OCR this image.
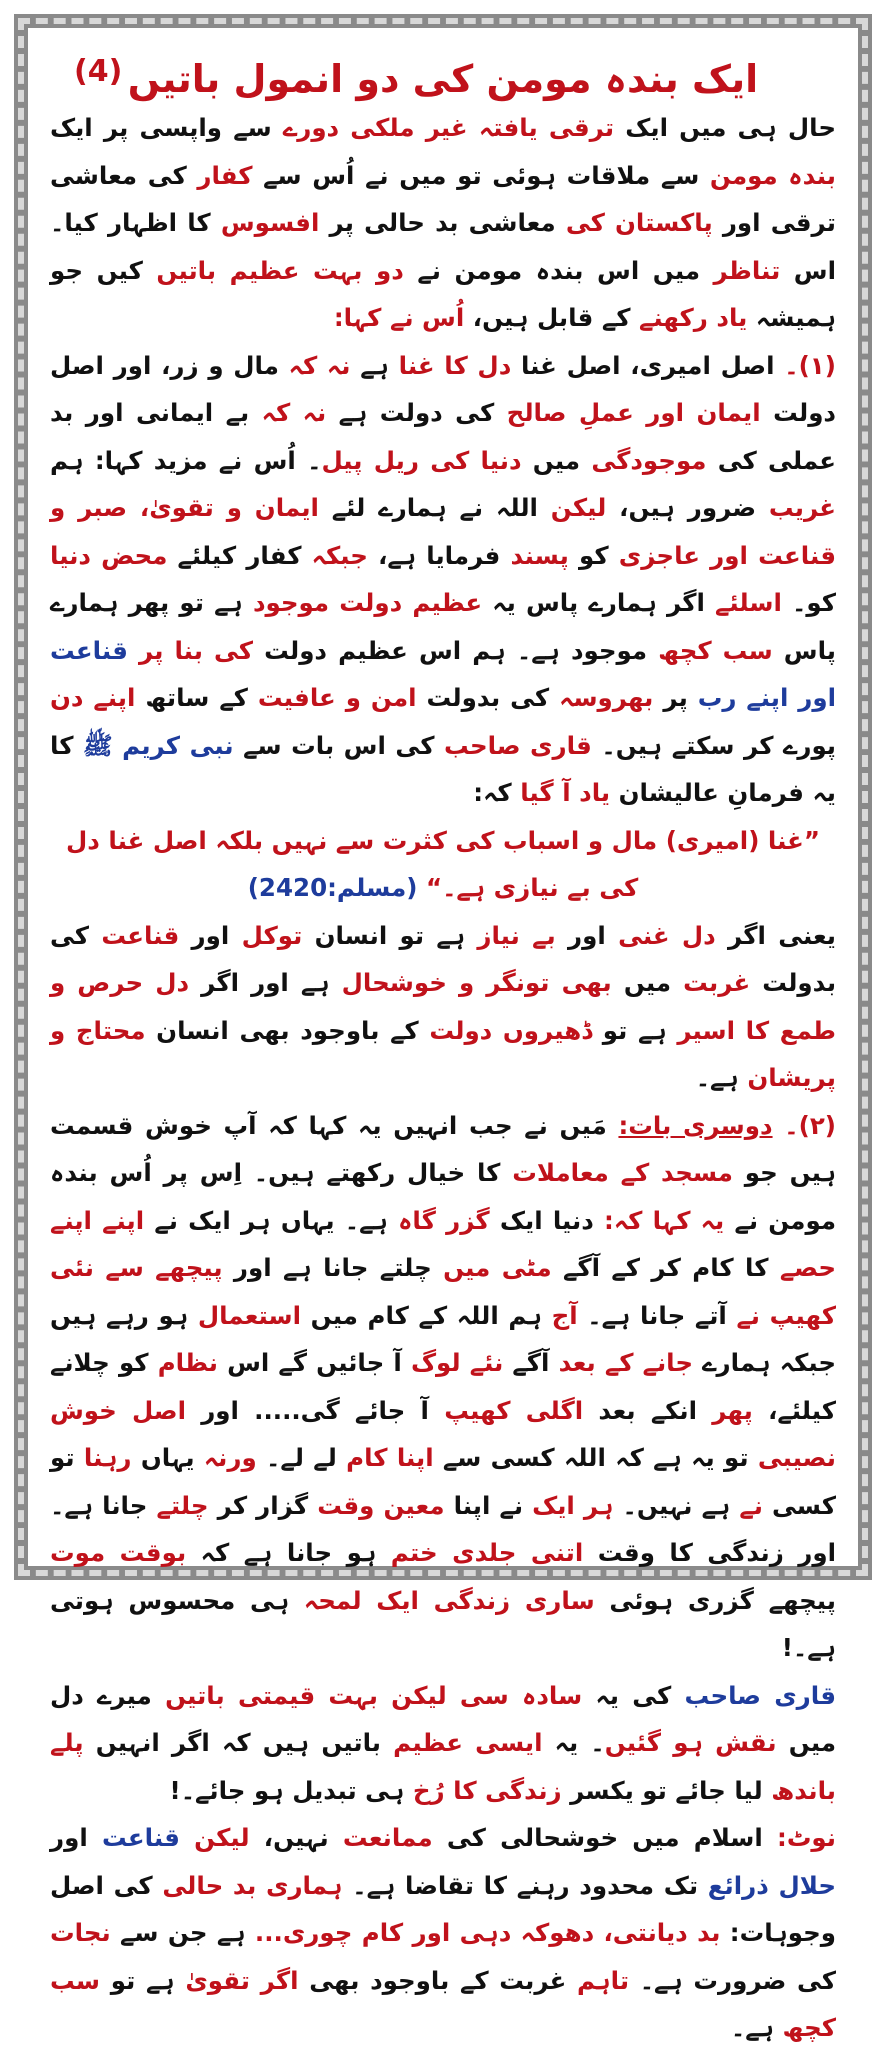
(4) ایک بندہ مومن کی دو انمول باتیں

حال ہی میں ایک ترقی یافتہ غیر ملکی دورے سے واپسی پر ایک بندہ مومن سے ملاقات ہوئی تو میں نے اُس سے کفار کی معاشی ترقی اور پاکستان کی معاشی بد حالی پر افسوس کا اظہار کیا۔ اس تناظر میں اس بندہ مومن نے دو بہت عظیم باتیں کیں جو ہمیشہ یاد رکھنے کے قابل ہیں، اُس نے کہا:

(۱)۔ اصل امیری، اصل غنا دل کا غنا ہے نہ کہ مال و زر، اور اصل دولت ایمان اور عملِ صالح کی دولت ہے نہ کہ بے ایمانی اور بد عملی کی موجودگی میں دنیا کی ریل پیل۔ اُس نے مزید کہا: ہم غریب ضرور ہیں، لیکن اللہ نے ہمارے لئے ایمان و تقویٰ، صبر و قناعت اور عاجزی کو پسند فرمایا ہے، جبکہ کفار کیلئے محض دنیا کو۔ اسلئے اگر ہمارے پاس یہ عظیم دولت موجود ہے تو پھر ہمارے پاس سب کچھ موجود ہے۔ ہم اس عظیم دولت کی بنا پر قناعت اور اپنے رب پر بھروسہ کی بدولت امن و عافیت کے ساتھ اپنے دن پورے کر سکتے ہیں۔ قاری صاحب کی اس بات سے نبی کریم ﷺ کا یہ فرمانِ عالیشان یاد آ گیا کہ:

”غنا (امیری) مال و اسباب کی کثرت سے نہیں بلکہ اصل غنا دل کی بے نیازی ہے۔“ (مسلم:2420)

یعنی اگر دل غنی اور بے نیاز ہے تو انسان توکل اور قناعت کی بدولت غربت میں بھی تونگر و خوشحال ہے اور اگر دل حرص و طمع کا اسیر ہے تو ڈھیروں دولت کے باوجود بھی انسان محتاج و پریشان ہے۔

(۲)۔ دوسری بات: مَیں نے جب انہیں یہ کہا کہ آپ خوش قسمت ہیں جو مسجد کے معاملات کا خیال رکھتے ہیں۔ اِس پر اُس بندہ مومن نے یہ کہا کہ: دنیا ایک گزر گاہ ہے۔ یہاں ہر ایک نے اپنے اپنے حصے کا کام کر کے آگے مٹی میں چلتے جانا ہے اور پیچھے سے نئی کھیپ نے آتے جانا ہے۔ آج ہم اللہ کے کام میں استعمال ہو رہے ہیں جبکہ ہمارے جانے کے بعد آگے نئے لوگ آ جائیں گے اس نظام کو چلانے کیلئے، پھر انکے بعد اگلی کھیپ آ جائے گی..... اور اصل خوش نصیبی تو یہ ہے کہ اللہ کسی سے اپنا کام لے لے۔ ورنہ یہاں رہنا تو کسی نے ہے نہیں۔ ہر ایک نے اپنا معین وقت گزار کر چلتے جانا ہے۔ اور زندگی کا وقت اتنی جلدی ختم ہو جانا ہے کہ بوقت موت پیچھے گزری ہوئی ساری زندگی ایک لمحہ ہی محسوس ہوتی ہے۔!

قاری صاحب کی یہ سادہ سی لیکن بہت قیمتی باتیں میرے دل میں نقش ہو گئیں۔ یہ ایسی عظیم باتیں ہیں کہ اگر انہیں پلے باندھ لیا جائے تو یکسر زندگی کا رُخ ہی تبدیل ہو جائے۔!

نوٹ: اسلام میں خوشحالی کی ممانعت نہیں، لیکن قناعت اور حلال ذرائع تک محدود رہنے کا تقاضا ہے۔ ہماری بد حالی کی اصل وجوہات: بد دیانتی، دھوکہ دہی اور کام چوری... ہے جن سے نجات کی ضرورت ہے۔ تاہم غربت کے باوجود بھی اگر تقویٰ ہے تو سب کچھ ہے۔
